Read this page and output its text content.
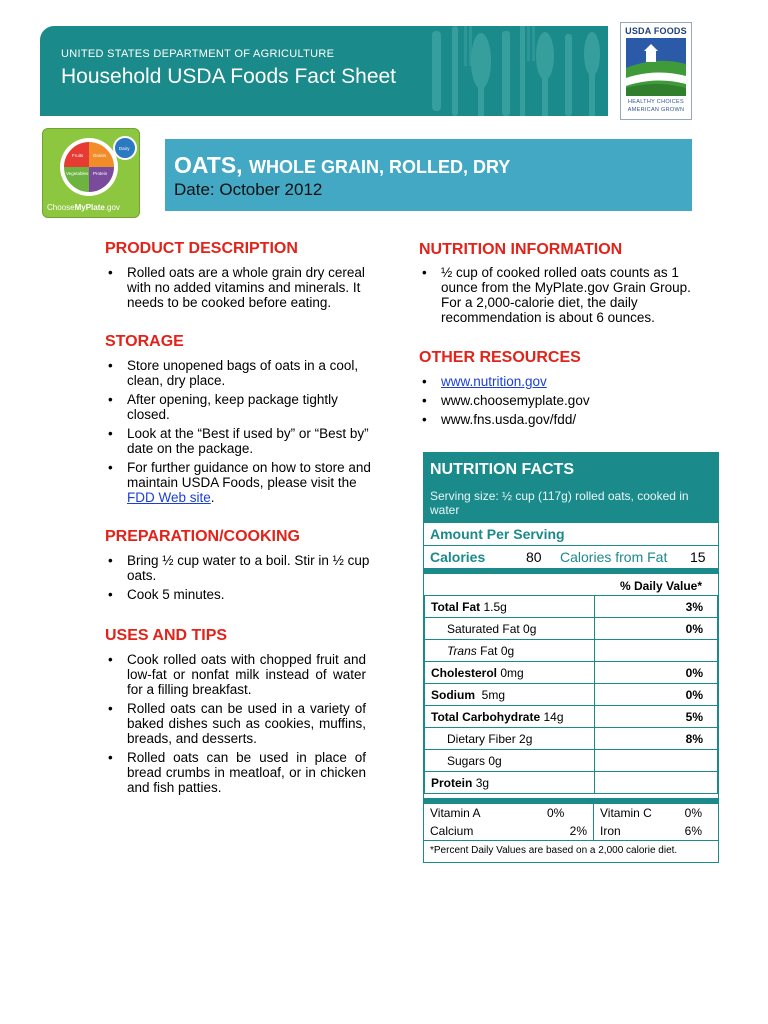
UNITED STATES DEPARTMENT OF AGRICULTURE
Household USDA Foods Fact Sheet
USDA FOODS
HEALTHY CHOICES
AMERICAN GROWN
Fruits Grains
Vegetables Protein
Dairy
ChooseMyPlate.gov
OATS, WHOLE GRAIN, ROLLED, DRY
Date: October 2012
PRODUCT DESCRIPTION
• Rolled oats are a whole grain dry cereal with no added vitamins and minerals. It needs to be cooked before eating.
STORAGE
• Store unopened bags of oats in a cool, clean, dry place.
• After opening, keep package tightly closed.
• Look at the “Best if used by” or “Best by” date on the package.
• For further guidance on how to store and maintain USDA Foods, please visit the FDD Web site.
PREPARATION/COOKING
• Bring ½ cup water to a boil. Stir in ½ cup oats.
• Cook 5 minutes.
USES AND TIPS
• Cook rolled oats with chopped fruit and low-fat or nonfat milk instead of water for a filling breakfast.
• Rolled oats can be used in a variety of baked dishes such as cookies, muffins, breads, and desserts.
• Rolled oats can be used in place of bread crumbs in meatloaf, or in chicken and fish patties.
NUTRITION INFORMATION
• ½ cup of cooked rolled oats counts as 1 ounce from the MyPlate.gov Grain Group. For a 2,000-calorie diet, the daily recommendation is about 6 ounces.
OTHER RESOURCES
• www.nutrition.gov
• www.choosemyplate.gov
• www.fns.usda.gov/fdd/
NUTRITION FACTS
Serving size: ½ cup (117g) rolled oats, cooked in water
Amount Per Serving
Calories	80 Calories from Fat 15
% Daily Value*
Total Fat 1.5g	3%
Saturated Fat 0g	0%
Trans Fat 0g	
Cholesterol 0mg	0%
Sodium 5mg	0%
Total Carbohydrate 14g	5%
Dietary Fiber 2g	8%
Sugars 0g	
Protein 3g	
Vitamin A	0%	Vitamin C	0%
Calcium	2%	Iron	6%
*Percent Daily Values are based on a 2,000 calorie diet.
